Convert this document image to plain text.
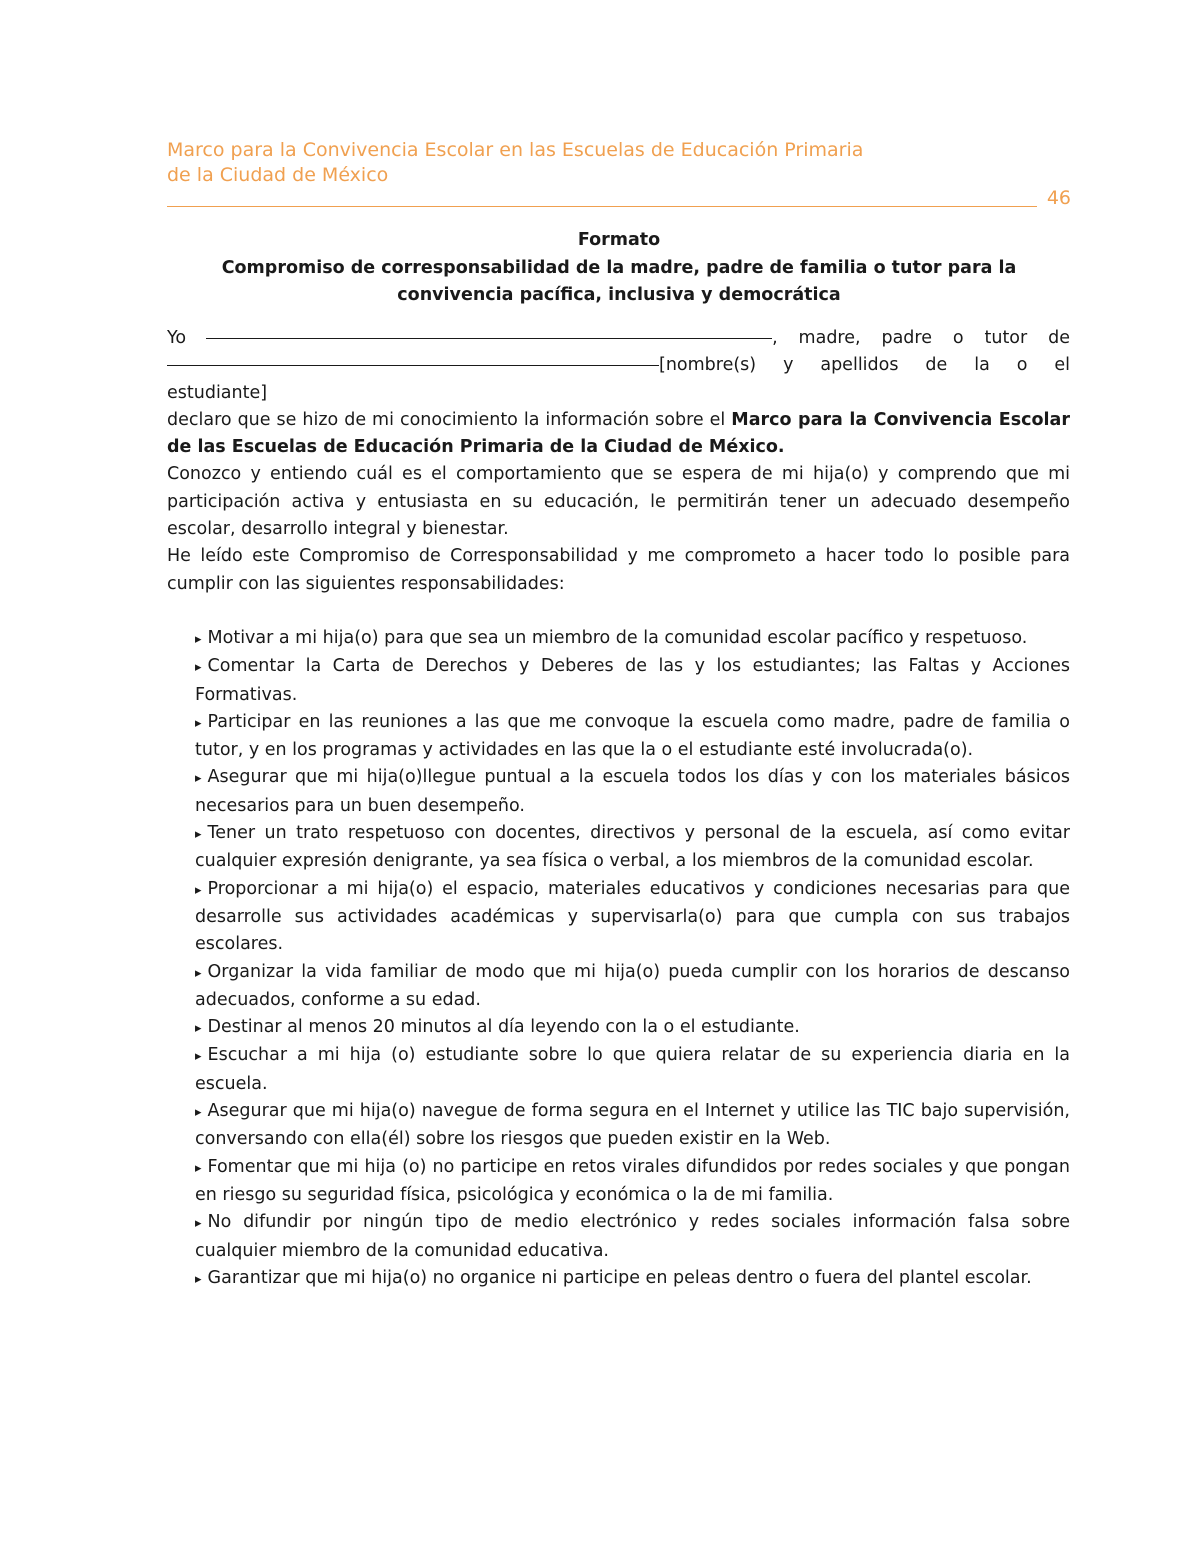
Marco para la Convivencia Escolar en las Escuelas de Educación Primaria
de la Ciudad de México
46
Formato
Compromiso de corresponsabilidad de la madre, padre de familia o tutor para la
convivencia pacífica, inclusiva y democrática
Yo	, madre, padre o tutor de
[nombre(s) y apellidos de la o el
estudiante]

declaro que se hizo de mi conocimiento la información sobre el Marco para la Convivencia Escolar de las Escuelas de Educación Primaria de la Ciudad de México.

Conozco y entiendo cuál es el comportamiento que se espera de mi hija(o) y comprendo que mi participación activa y entusiasta en su educación, le permitirán tener un adecuado desempeño escolar, desarrollo integral y bienestar.

He leído este Compromiso de Corresponsabilidad y me comprometo a hacer todo lo posible para cumplir con las siguientes responsabilidades:

▸ Motivar a mi hija(o) para que sea un miembro de la comunidad escolar pacífico y respetuoso.
▸ Comentar la Carta de Derechos y Deberes de las y los estudiantes; las Faltas y Acciones Formativas.
▸ Participar en las reuniones a las que me convoque la escuela como madre, padre de familia o tutor, y en los programas y actividades en las que la o el estudiante esté involucrada(o).
▸ Asegurar que mi hija(o)llegue puntual a la escuela todos los días y con los materiales básicos necesarios para un buen desempeño.
▸ Tener un trato respetuoso con docentes, directivos y personal de la escuela, así como evitar cualquier expresión denigrante, ya sea física o verbal, a los miembros de la comunidad escolar.
▸ Proporcionar a mi hija(o) el espacio, materiales educativos y condiciones necesarias para que desarrolle sus actividades académicas y supervisarla(o) para que cumpla con sus trabajos escolares.
▸ Organizar la vida familiar de modo que mi hija(o) pueda cumplir con los horarios de descanso adecuados, conforme a su edad.
▸ Destinar al menos 20 minutos al día leyendo con la o el estudiante.
▸ Escuchar a mi hija (o) estudiante sobre lo que quiera relatar de su experiencia diaria en la escuela.
▸ Asegurar que mi hija(o) navegue de forma segura en el Internet y utilice las TIC bajo supervisión, conversando con ella(él) sobre los riesgos que pueden existir en la Web.
▸ Fomentar que mi hija (o) no participe en retos virales difundidos por redes sociales y que pongan en riesgo su seguridad física, psicológica y económica o la de mi familia.
▸ No difundir por ningún tipo de medio electrónico y redes sociales información falsa sobre cualquier miembro de la comunidad educativa.
▸ Garantizar que mi hija(o) no organice ni participe en peleas dentro o fuera del plantel escolar.
